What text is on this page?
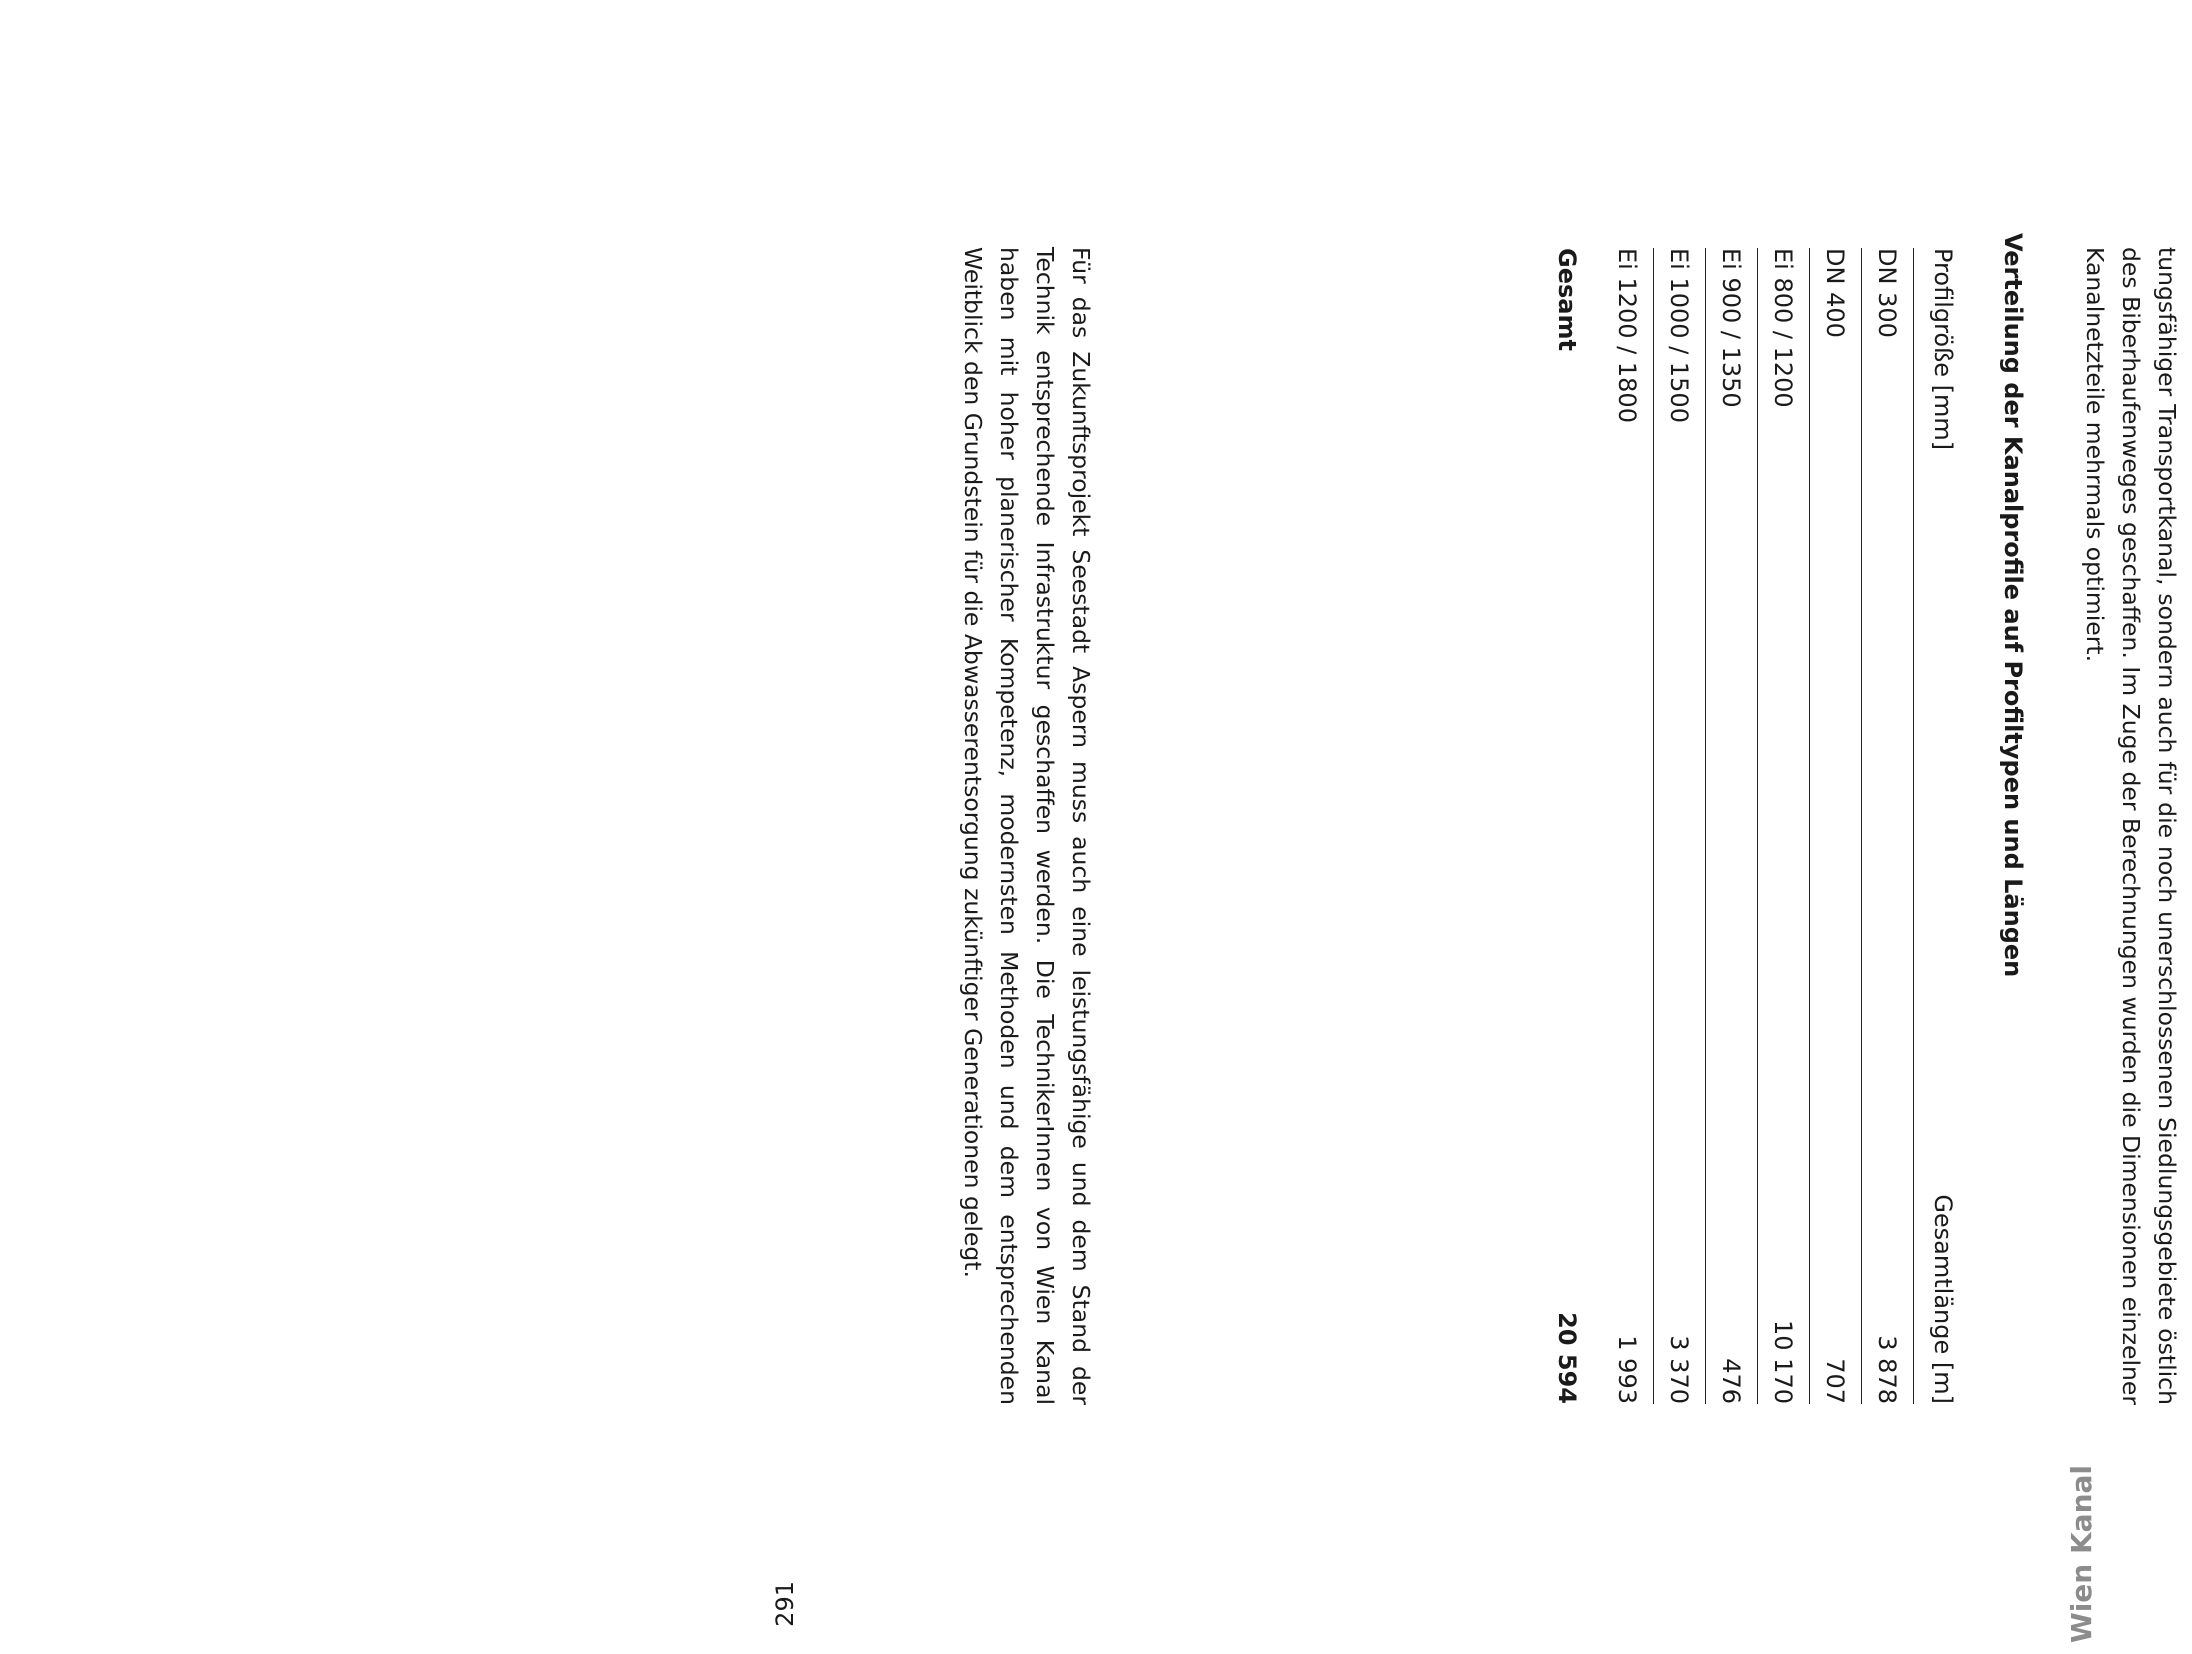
tungsfähiger Transportkanal, sondern auch für die noch unerschlossenen Siedlungsgebiete östlich des Biberhaufenweges geschaffen. Im Zuge der Berechnungen wurden die Dimensionen einzelner Kanalnetzteile mehrmals optimiert.

Verteilung der Kanalprofile auf Profiltypen und Längen
Profilgröße [mm]	Gesamtlänge [m]
DN 300	3 878
DN 400	707
Ei 800 / 1200	10 170
Ei 900 / 1350	476
Ei 1000 / 1500	3 370
Ei 1200 / 1800	1 993
Gesamt	20 594

Für das Zukunftsprojekt Seestadt Aspern muss auch eine leistungsfähige und dem Stand der Technik entsprechende Infrastruktur geschaffen werden. Die TechnikerInnen von Wien Kanal haben mit hoher planerischer Kompetenz, modernsten Methoden und dem entsprechenden Weitblick den Grundstein für die Abwasserentsorgung zukünftiger Generationen gelegt.

Wien Kanal
291
